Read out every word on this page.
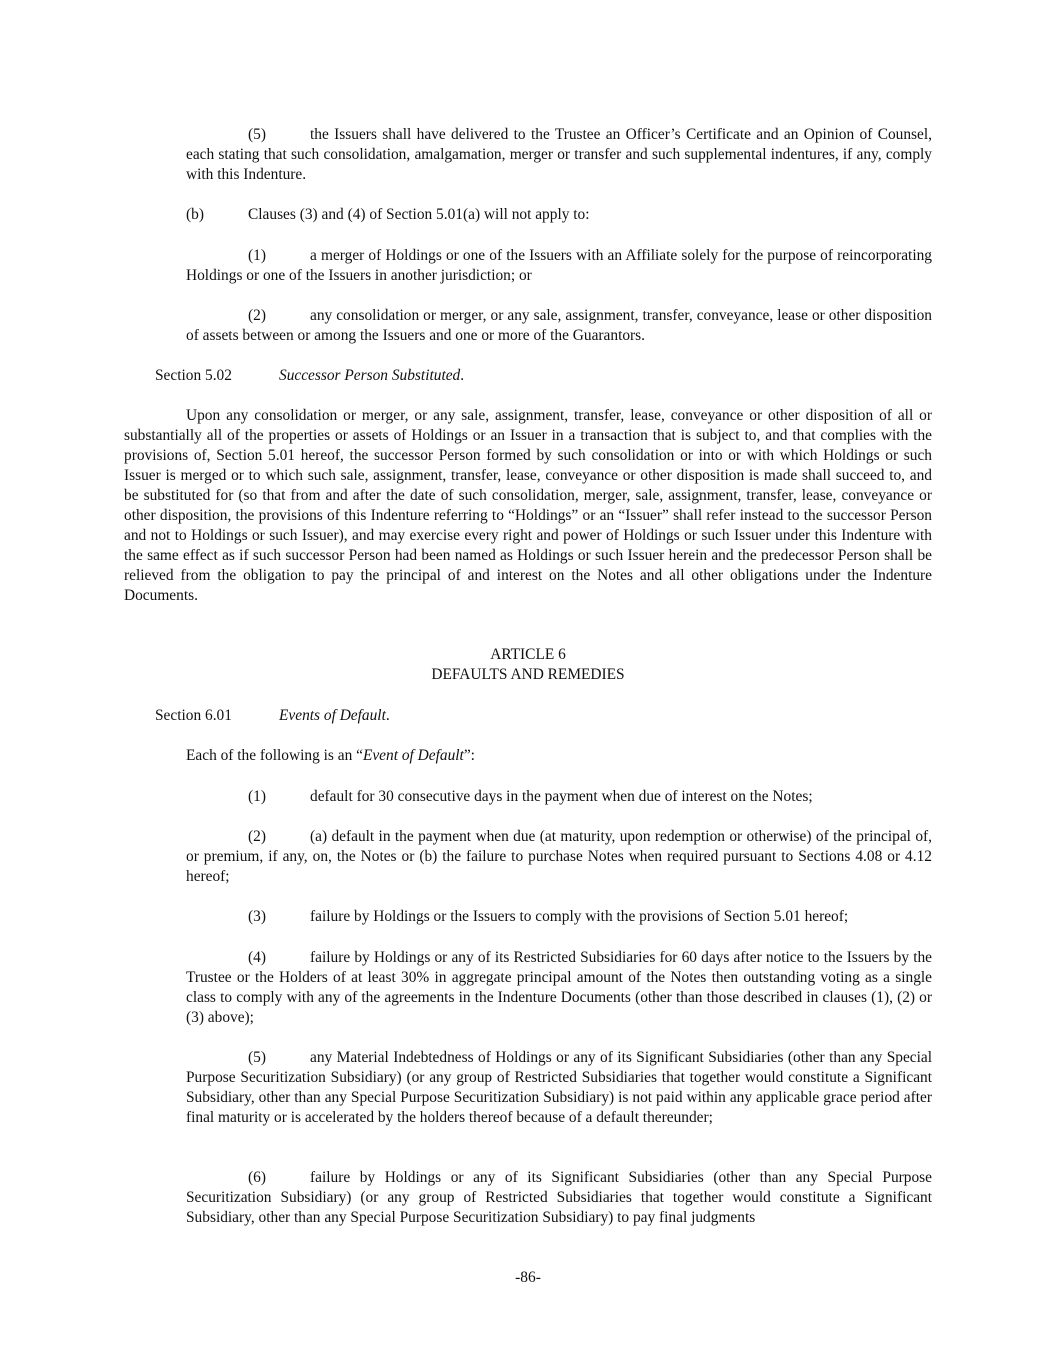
(5)	the Issuers shall have delivered to the Trustee an Officer’s Certificate and an Opinion of Counsel, each stating that such consolidation, amalgamation, merger or transfer and such supplemental indentures, if any, comply with this Indenture.

(b)	Clauses (3) and (4) of Section 5.01(a) will not apply to:

(1)	a merger of Holdings or one of the Issuers with an Affiliate solely for the purpose of reincorporating Holdings or one of the Issuers in another jurisdiction; or

(2)	any consolidation or merger, or any sale, assignment, transfer, conveyance, lease or other disposition of assets between or among the Issuers and one or more of the Guarantors.

Section 5.02	Successor Person Substituted.

Upon any consolidation or merger, or any sale, assignment, transfer, lease, conveyance or other disposition of all or substantially all of the properties or assets of Holdings or an Issuer in a transaction that is subject to, and that complies with the provisions of, Section 5.01 hereof, the successor Person formed by such consolidation or into or with which Holdings or such Issuer is merged or to which such sale, assignment, transfer, lease, conveyance or other disposition is made shall succeed to, and be substituted for (so that from and after the date of such consolidation, merger, sale, assignment, transfer, lease, conveyance or other disposition, the provisions of this Indenture referring to “Holdings” or an “Issuer” shall refer instead to the successor Person and not to Holdings or such Issuer), and may exercise every right and power of Holdings or such Issuer under this Indenture with the same effect as if such successor Person had been named as Holdings or such Issuer herein and the predecessor Person shall be relieved from the obligation to pay the principal of and interest on the Notes and all other obligations under the Indenture Documents.

ARTICLE 6
DEFAULTS AND REMEDIES
Section 6.01	Events of Default.

Each of the following is an “Event of Default”:

(1)	default for 30 consecutive days in the payment when due of interest on the Notes;

(2)	(a) default in the payment when due (at maturity, upon redemption or otherwise) of the principal of, or premium, if any, on, the Notes or (b) the failure to purchase Notes when required pursuant to Sections 4.08 or 4.12 hereof;

(3)	failure by Holdings or the Issuers to comply with the provisions of Section 5.01 hereof;

(4)	failure by Holdings or any of its Restricted Subsidiaries for 60 days after notice to the Issuers by the Trustee or the Holders of at least 30% in aggregate principal amount of the Notes then outstanding voting as a single class to comply with any of the agreements in the Indenture Documents (other than those described in clauses (1), (2) or (3) above);

(5)	any Material Indebtedness of Holdings or any of its Significant Subsidiaries (other than any Special Purpose Securitization Subsidiary) (or any group of Restricted Subsidiaries that together would constitute a Significant Subsidiary, other than any Special Purpose Securitization Subsidiary) is not paid within any applicable grace period after final maturity or is accelerated by the holders thereof because of a default thereunder;

(6)	failure by Holdings or any of its Significant Subsidiaries (other than any Special Purpose Securitization Subsidiary) (or any group of Restricted Subsidiaries that together would constitute a Significant Subsidiary, other than any Special Purpose Securitization Subsidiary) to pay final judgments

-86-
